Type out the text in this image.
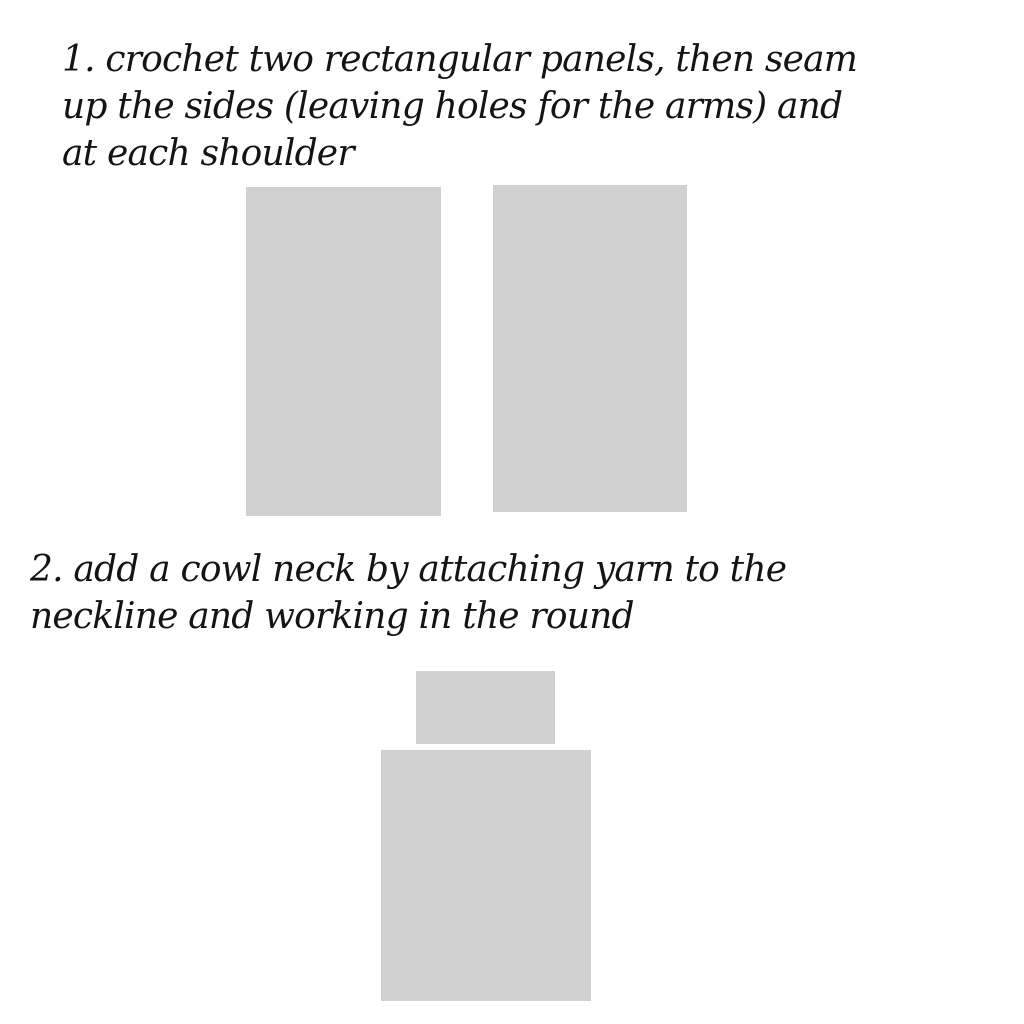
1. crochet two rectangular panels, then seam
up the sides (leaving holes for the arms) and
at each shoulder

2. add a cowl neck by attaching yarn to the
neckline and working in the round
